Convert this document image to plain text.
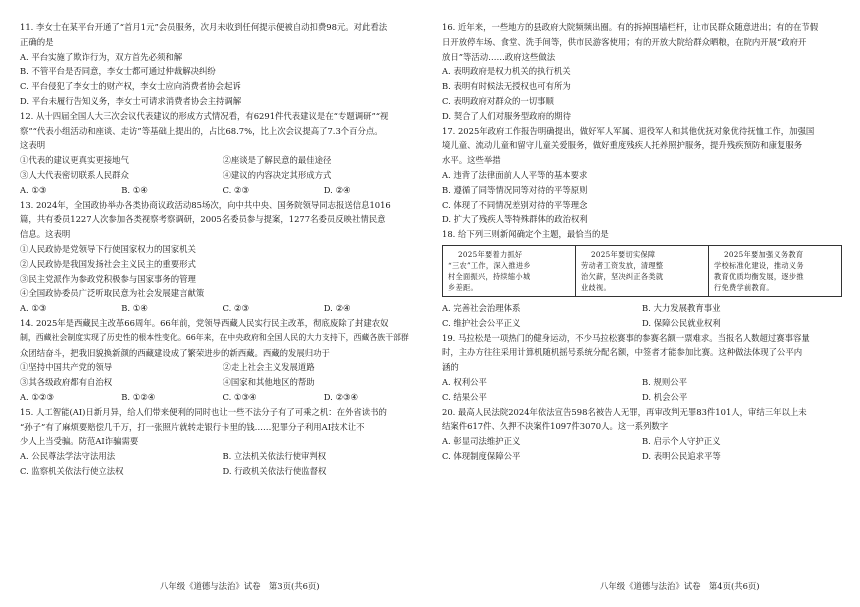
11. 李女士在某平台开通了“首月1元”会员服务，次月未收到任何提示便被自动扣费98元。对此看法

正确的是

A. 平台实施了欺诈行为，双方首先必须和解

B. 不管平台是否同意，李女士都可通过仲裁解决纠纷

C. 平台侵犯了李女士的财产权，李女士应向消费者协会起诉

D. 平台未履行告知义务，李女士可请求消费者协会主持调解

12. 从十四届全国人大三次会议代表建议的形成方式情况看，有6291件代表建议是在“专题调研”“视

察”“代表小组活动和座谈、走访”等基础上提出的，占比68.7%，比上次会议提高了7.3个百分点。

这表明

①代表的建议更真实更接地气	②座谈是了解民意的最佳途径
③人大代表密切联系人民群众	④建议的内容决定其形成方式
A. ①③	B. ①④	C. ②③	D. ②④

13. 2024年，全国政协举办各类协商议政活动85场次，向中共中央、国务院领导同志报送信息1016

篇，共有委员1227人次参加各类视察考察调研，2005名委员参与提案，1277名委员反映社情民意

信息。这表明

①人民政协是党领导下行使国家权力的国家机关

②人民政协是我国发扬社会主义民主的重要形式

③民主党派作为参政党积极参与国家事务的管理

④全国政协委员广泛听取民意为社会发展建言献策

A. ①③	B. ①④	C. ②③	D. ②④

14. 2025年是西藏民主改革66周年。66年前，党领导西藏人民实行民主改革，彻底废除了封建农奴

制，西藏社会制度实现了历史性的根本性变化。66年来，在中央政府和全国人民的大力支持下，西藏各族干部群

众团结奋斗，把我旧貌换新颜的西藏建设成了繁荣进步的新西藏。西藏的发展归功于

①坚持中国共产党的领导	②走上社会主义发展道路
③其各级政府都有自治权	④国家和其他地区的帮助
A. ①②③	B. ①②④	C. ①③④	D. ②③④

15. 人工智能(AI)日新月异，给人们带来便利的同时也让一些不法分子有了可乘之机：在外省读书的

“孙子”有了麻烦要赔偿几千万，打一张照片就转走银行卡里的钱……犯罪分子利用AI技术让不

少人上当受骗。防范AI诈骗需要

A. 公民尊法学法守法用法	B. 立法机关依法行使审判权
C. 监察机关依法行使立法权	D. 行政机关依法行使监督权

16. 近年来，一些地方的县政府大院频频出圈。有的拆掉围墙栏杆，让市民群众随意进出；有的在节假

日开放停车场、食堂、洗手间等，供市民游客使用；有的开放大院给群众晒粮，在院内开展“政府开

放日”等活动……政府这些做法

A. 表明政府是权力机关的执行机关

B. 表明有时候法无授权也可有所为

C. 表明政府对群众的一切事顺

D. 契合了人们对服务型政府的期待

17. 2025年政府工作报告明确提出，做好军人军属、退役军人和其他优抚对象优待抚恤工作，加强国

境儿童、流动儿童和留守儿童关爱服务，做好重度残疾人托养照护服务，提升残疾预防和康复服务

水平。这些举措

A. 违背了法律面前人人平等的基本要求

B. 遵循了同等情况同等对待的平等原则

C. 体现了不同情况差别对待的平等理念

D. 扩大了残疾人等特殊群体的政治权利

18. 给下列三则新闻确定个主题，最恰当的是

2025年要着力抓好
“三农”工作，深入推进乡
村全面振兴，持续缩小城
乡差距。

2025年要切实保障
劳动者工资发放，清理整
治欠薪，坚决纠正各类就
业歧视。

2025年要加强义务教育
学校标准化建设，推动义务
教育优质均衡发展，逐步推
行免费学前教育。
A. 完善社会治理体系	B. 大力发展教育事业
C. 维护社会公平正义	D. 保障公民就业权利

19. 马拉松是一项热门的健身运动，不少马拉松赛事的参赛名额一票难求。当报名人数超过赛事容量

时，主办方往往采用计算机随机摇号系统分配名额，中签者才能参加比赛。这种做法体现了公平内

涵的

A. 权利公平	B. 规则公平
C. 结果公平	D. 机会公平

20. 最高人民法院2024年依法宣告598名被告人无罪，再审改判无罪83件101人，审结三年以上未

结案件617件、久押不决案件1097件3070人。这一系列数字

A. 彰显司法维护正义	B. 启示个人守护正义
C. 体现制度保障公平	D. 表明公民追求平等
八年级《道德与法治》试卷　第3页(共6页)	八年级《道德与法治》试卷　第4页(共6页)
